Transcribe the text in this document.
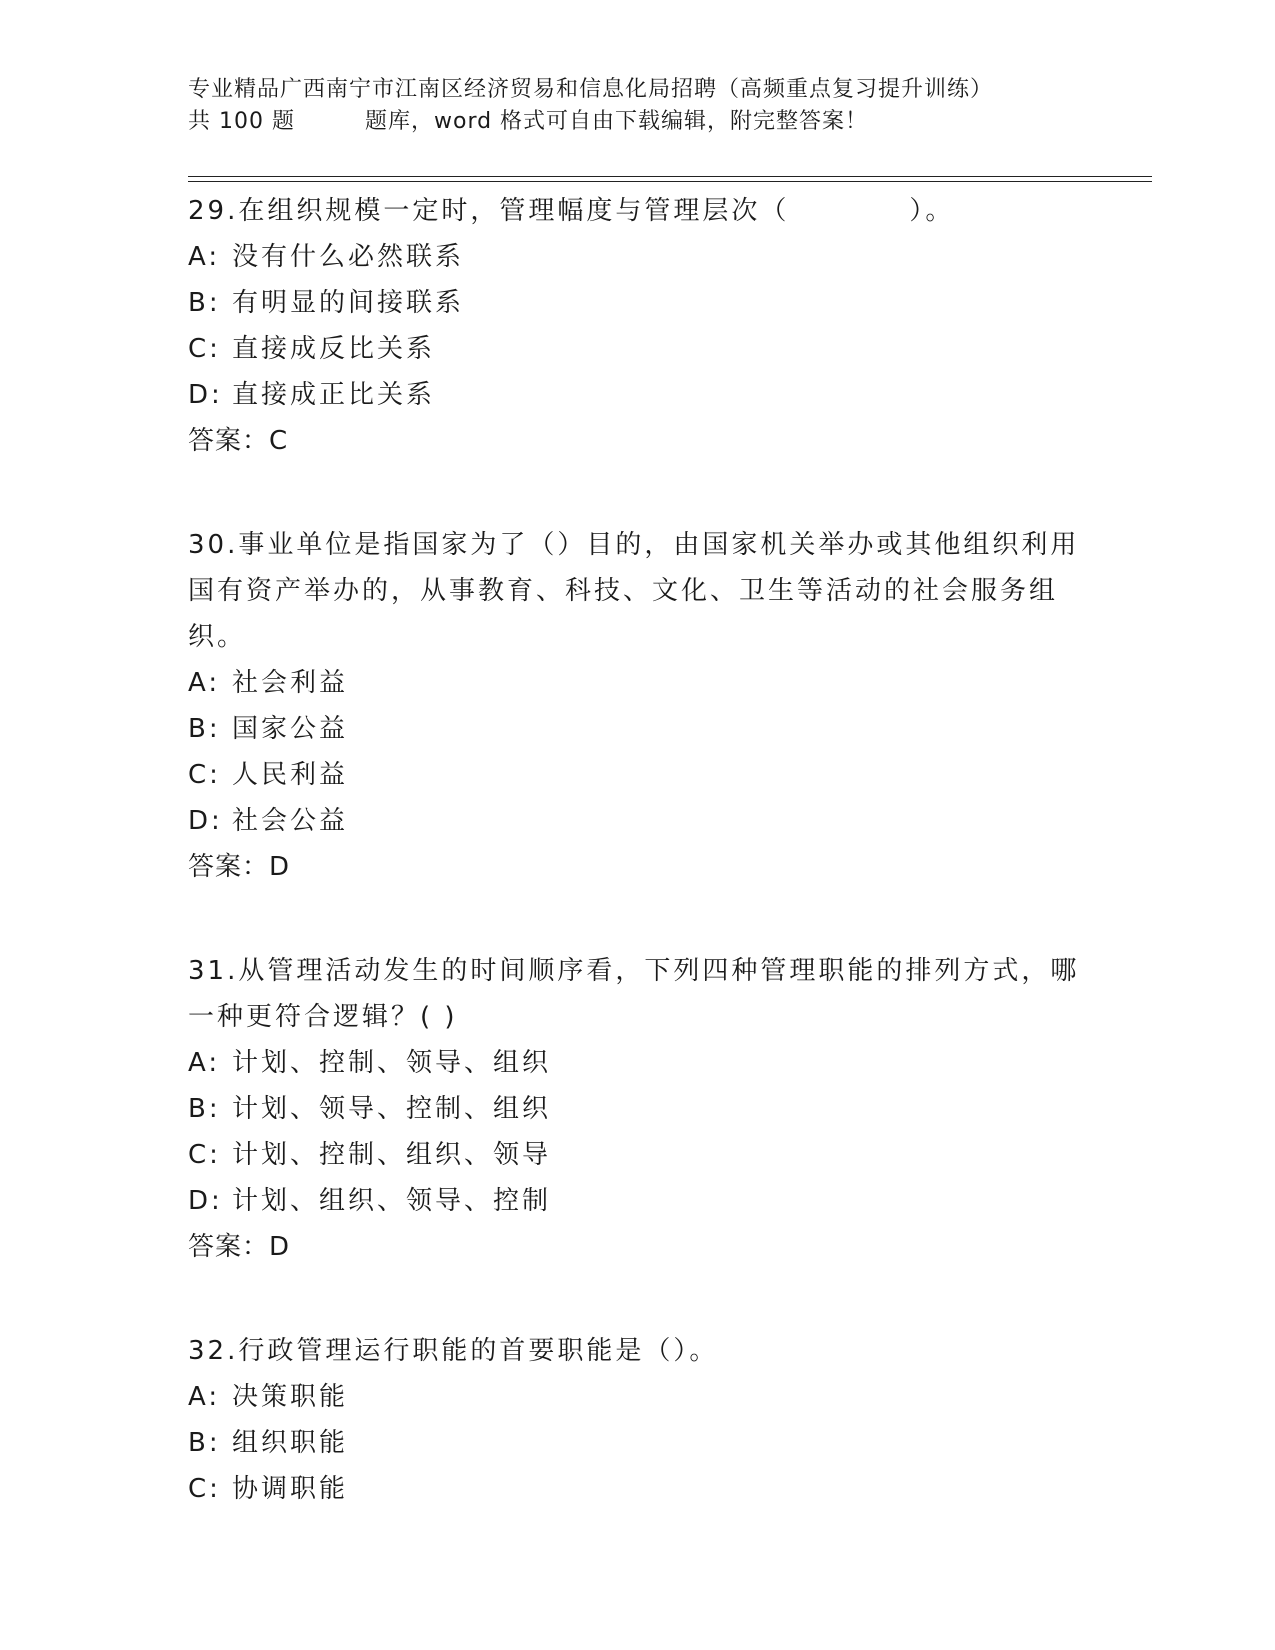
专业精品广西南宁市江南区经济贸易和信息化局招聘（高频重点复习提升训练）
共 100 题	题库，word 格式可自由下载编辑，附完整答案！
29.在组织规模一定时，管理幅度与管理层次（	）。
A: 没有什么必然联系
B: 有明显的间接联系
C: 直接成反比关系
D: 直接成正比关系
答案：C
30.事业单位是指国家为了（）目的，由国家机关举办或其他组织利用
国有资产举办的，从事教育、科技、文化、卫生等活动的社会服务组
织。
A: 社会利益
B: 国家公益
C: 人民利益
D: 社会公益
答案：D
31.从管理活动发生的时间顺序看，下列四种管理职能的排列方式，哪
一种更符合逻辑？( )
A: 计划、控制、领导、组织
B: 计划、领导、控制、组织
C: 计划、控制、组织、领导
D: 计划、组织、领导、控制
答案：D
32.行政管理运行职能的首要职能是（）。
A: 决策职能
B: 组织职能
C: 协调职能
